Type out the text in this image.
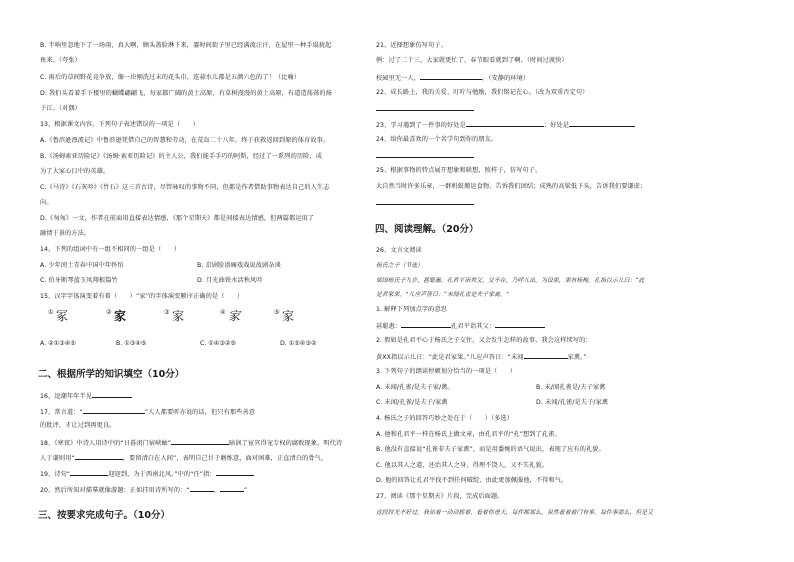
B. 半响里忽地下了一场雨，真大啊，顾头盖脸淋下来，霎时间街子里已经满流汪汗，在屋里一种手塌拢起
鱼来。（夸张）
C. 雨后的草间野花竞争放，像一块刚洗过未的花头巾，连蒜水儿都是五颜六色的了！（比喻）
D. 我们头看着手下楼里的蝴蝶翩翩飞，每家都广阔的黄土高原，有草树漫漫的黄土高原，有道造荡荡的扬
子江。（对偶）
13、根据课文内容，下列句子表述错误的一项是（　　）
A.《鲁滨逊漂流记》中鲁滨逊凭借自己的智慧和劳动，在荒岛二十八年，终于获救返回到原的体育故事。
B.《汤姆索亚历险记》《汤姆·索亚历险记》的主人公，我们能手手巧的阿斯，经过了一系列的历险，成
为了大家心目中的英雄。
C.《马诗》《石灰吟》《竹石》这三首古诗，尽管咏叹的事物不同，但都是作者借助事物表达自己的人生志
向。
D.《匆匆》一文，作者在前面用直接表达情感，《那个星期天》都是间接表达情感，但两篇都运用了
融情于景的方法。
14、下列的组词中有一组不相同的一组是（　　）
A. 少年闰土青春中国中年怀怕	B. 京剧脸谱痛戏戏说故剧杂谈
C. 伯牙断琴蓝玉凤翔根篇竹	D. 月光曲铁水活秋风吟
15、汉字字体演变着有着（　　）“家”的字体演变顺序正确的是（　　）
① 冢	② 家	③ 家	④ 家	⑤ 家
A. ②①③④⑤	B. ①③④⑤	C. ①④③②⑤	D. ①⑤④③②
二、根据所学的知识填空（10分）
16、逗潮年年半见
17、常言道：“	”人人都要听亦说的话，但只有那些善意
的批评，才让过到再更良。
18、《寒夜》中诗人用诗中的“日暮闭门宿峡岫”	暗讽了宦官得宠专权的腐败现象。明代诗
人于谦则用“	，要留清白在人间”，表明自己甘于磨炼意，面对困难，正直清白的骨气。
19、诗句“	迎迎到，为于西南北风。”中的“任”指：
20、然后所知对描摹就像游题：正如挂用诗所写的：“	，	”
三、按要求完成句子。（10分）
21、近择想象仿写句子。
例：过了二十三，大家就更忙了，春节眼看就到了啊。（时间过渡快）
校园里无一人，	。（安静的环境）
22、成长路上，我的关爱、叮咛与勉励，我们铭记在心。（改为双重否定句）
23、学习遇到了一件事的好处是	；好处是
24、给你最喜欢的一个名学句到你的朋友。
25、根据事物的特点展开想象和联想，照样子，仿写句子。
大自然当时许多乐章，一群蚂蚁搬运食物，告诉我们团结；成熟的高粱低下头，告诉我们要谦虚；
四、阅读理解。（20分）
26、文言文阅读
杨氏之子（节选）
梁国杨氏子九岁，甚聪惠。孔君平诣其父，父不在，乃呼儿出。为设果，果有杨梅。孔指以示儿曰：“此
是君家果。”儿应声答曰：“未闻孔雀是夫子家禽。”
1. 解释下列加点字的意思
甚聪惠：	孔君平诣其父：
2. 假如是孔君平心于杨氏之子交往，又会发生怎样的故事，我会这样续写的：
黄XX指以示儿日：“此是君家果。”儿应声答日：“未闻	家禽。”
3. 下列句子的朗读停顿划分恰当的一项是（　　）
A. 未闻/孔雀/是夫子家/禽。	B. 未/闻孔雀是/夫子家禽
C. 未闻/孔雀/是夫子/家禽	D. 未闻/孔雀/是夫子/家禽
4. 杨氏之子的回答巧妙之处在于（　　）（多选）
A. 他和孔君平一样在杨氏上做文章，由孔君平的“孔”想到了孔雀。
B. 他没有直接说“孔雀非夫子家禽”，而是用委婉的语气说出，表现了应有的礼貌。
C. 他以其人之道，还治其人之身，得理不饶人，又不失礼貌。
D. 他的回答让孔君平找不到任何破绽，由此更加佩服他，不得和气。
27、阅读《那个星期天》片段，完成后面题。
这段时光不好过，我站着一动动摇着，看着你进天，每件都那么，虽然看着着门有事，每件事那么，但是又
